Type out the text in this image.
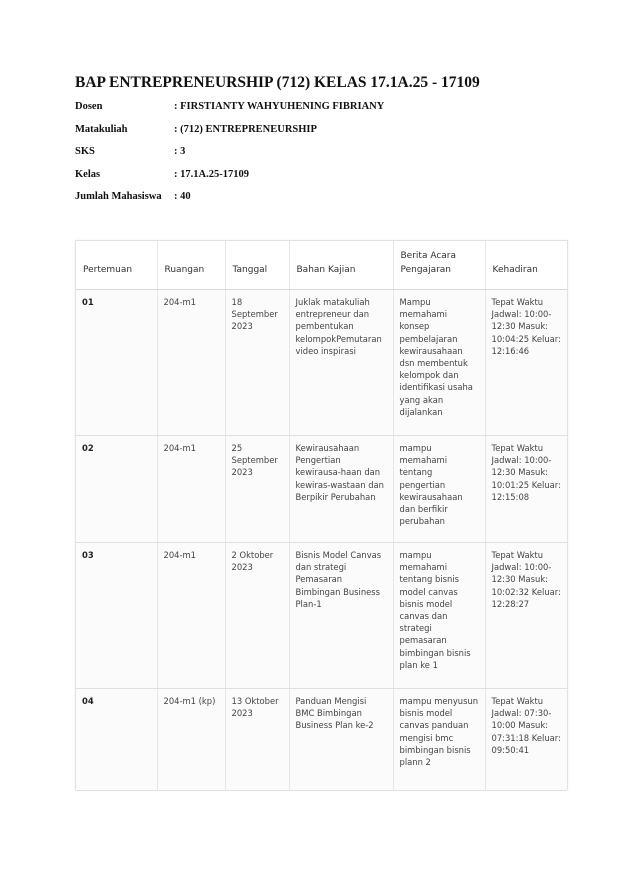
BAP ENTREPRENEURSHIP (712) KELAS 17.1A.25 - 17109
Dosen	: FIRSTIANTY WAHYUHENING FIBRIANY
Matakuliah	: (712) ENTREPRENEURSHIP
SKS	: 3
Kelas	: 17.1A.25-17109
Jumlah Mahasiswa : 40
Pertemuan	Ruangan	Tanggal	Bahan Kajian	Berita Acara Pengajaran	Kehadiran
01	204-m1	18 September 2023	Juklak matakuliah entrepreneur dan pembentukan kelompokPemutaran video inspirasi	Mampu memahami konsep pembelajaran kewirausahaan dsn membentuk kelompok dan identifikasi usaha yang akan dijalankan	Tepat Waktu Jadwal: 10:00-12:30 Masuk: 10:04:25 Keluar: 12:16:46
02	204-m1	25 September 2023	Kewirausahaan Pengertian kewirausa-haan dan kewiras-wastaan dan Berpikir Perubahan	mampu memahami tentang pengertian kewirausahaan dan berfikir perubahan	Tepat Waktu Jadwal: 10:00-12:30 Masuk: 10:01:25 Keluar: 12:15:08
03	204-m1	2 Oktober 2023	Bisnis Model Canvas dan strategi Pemasaran Bimbingan Business Plan-1	mampu memahami tentang bisnis model canvas bisnis model canvas dan strategi pemasaran bimbingan bisnis plan ke 1	Tepat Waktu Jadwal: 10:00-12:30 Masuk: 10:02:32 Keluar: 12:28:27
04	204-m1 (kp)	13 Oktober 2023	Panduan Mengisi BMC Bimbingan Business Plan ke-2	mampu menyusun bisnis model canvas panduan mengisi bmc bimbingan bisnis plann 2	Tepat Waktu Jadwal: 07:30-10:00 Masuk: 07:31:18 Keluar: 09:50:41
